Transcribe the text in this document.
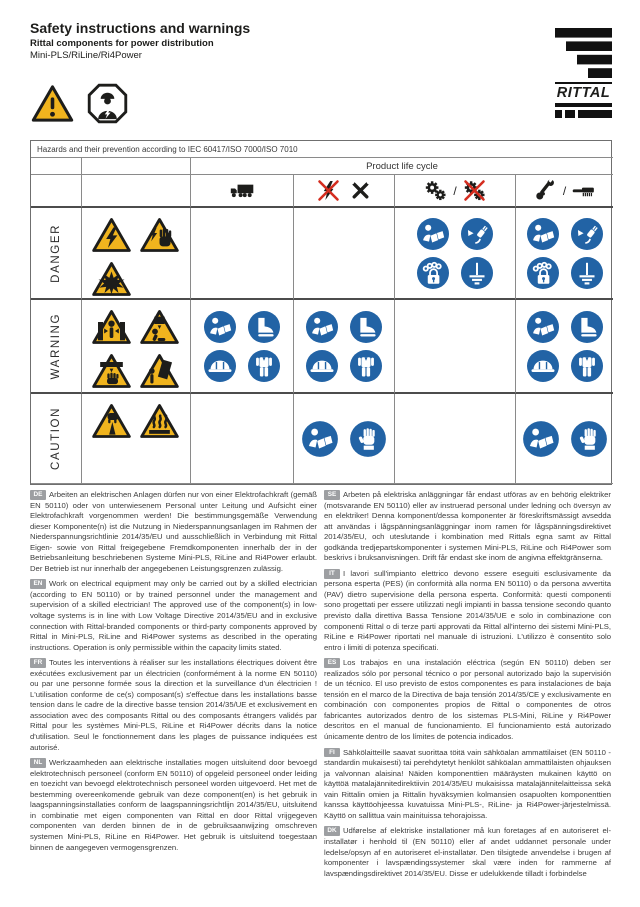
Safety instructions and warnings

Rittal components for power distribution

Mini-PLS/RiLine/Ri4Power

RITTAL
Hazards and their prevention according to IEC 60417/ISO 7000/ISO 7010
Product life cycle
/	/
DANGER
WARNING
CAUTION

DE Arbeiten an elektrischen Anlagen dürfen nur von einer Elektrofachkraft (gemäß EN 50110) oder von unterwiesenem Personal unter Leitung und Aufsicht einer Elektrofachkraft vorgenommen werden! Die bestimmungsgemäße Verwendung dieser Komponente(n) ist die Nutzung in Niederspannungsanlagen im Rahmen der Niederspannungsrichtlinie 2014/35/EU und ausschließlich in Verbindung mit Rittal Eigen- sowie von Rittal freigegebene Fremdkomponenten innerhalb der in der Betriebsanleitung beschriebenen Systeme Mini-PLS, RiLine and Ri4Power erlaubt. Der Betrieb ist nur innerhalb der angegebenen Leistungsgrenzen zulässig.

EN Work on electrical equipment may only be carried out by a skilled electrician (according to EN 50110) or by trained personnel under the management and supervision of a skilled electrician! The approved use of the component(s) in low-voltage systems is in line with Low Voltage Directive 2014/35/EU and in exclusive connection with Rittal-branded components or third-party components approved by Rittal in Mini-PLS, RiLine and Ri4Power systems as described in the operating instructions. Operation is only permissible within the capacity limits stated.

FR Toutes les interventions à réaliser sur les installations électriques doivent être exécutées exclusivement par un électricien (conformément à la norme EN 50110) ou par une personne formée sous la direction et la surveillance d'un électricien ! L'utilisation conforme de ce(s) composant(s) s'effectue dans les installations basse tension dans le cadre de la directive basse tension 2014/35/UE et exclusivement en association avec des composants Rittal ou des composants étrangers validés par Rittal pour les systèmes Mini-PLS, RiLine et Ri4Power décrits dans la notice d'utilisation. Seul le fonctionnement dans les plages de puissance indiquées est autorisé.

NL Werkzaamheden aan elektrische installaties mogen uitsluitend door bevoegd elektrotechnisch personeel (conform EN 50110) of opgeleid personeel onder leiding en toezicht van bevoegd elektrotechnisch personeel worden uitgevoerd. Het met de bestemming overeenkomende gebruik van deze component(en) is het gebruik in laagspanningsinstallaties conform de laagspanningsrichtlijn 2014/35/EU, uitsluitend in combinatie met eigen componenten van Rittal en door Rittal vrijgegeven componenten van derden binnen de in de gebruiksaanwijzing omschreven systemen Mini-PLS, RiLine en Ri4Power. Het gebruik is uitsluitend toegestaan binnen de aangegeven vermogensgrenzen.

SE Arbeten på elektriska anläggningar får endast utföras av en behörig elektriker (motsvarande EN 50110) eller av instruerad personal under ledning och översyn av en elektriker! Denna komponent/dessa komponenter är föreskriftsmässigt avsedda att användas i lågspänningsanläggningar inom ramen för lågspänningsdirektivet 2014/35/EU, och uteslutande i kombination med Rittals egna samt av Rittal godkända tredjepartskomponenter i systemen Mini-PLS, RiLine och Ri4Power som beskrivs i bruksanvisningen. Drift får endast ske inom de angivna effektgränserna.

IT I lavori sull'impianto elettrico devono essere eseguiti esclusivamente da persona esperta (PES) (in conformità alla norma EN 50110) o da persona avvertita (PAV) dietro supervisione della persona esperta. Conformità: questi componenti sono progettati per essere utilizzati negli impianti in bassa tensione secondo quanto previsto dalla direttiva Bassa Tensione 2014/35/UE e solo in combinazione con componenti Rittal o di terze parti approvati da Rittal all'interno dei sistemi Mini-PLS, RiLine e Ri4Power riportati nel manuale di istruzioni. L'utilizzo è consentito solo entro i limiti di potenza specificati.

ES Los trabajos en una instalación eléctrica (según EN 50110) deben ser realizados sólo por personal técnico o por personal autorizado bajo la supervisión de un técnico. El uso previsto de estos componentes es para instalaciones de baja tensión en el marco de la Directiva de baja tensión 2014/35/CE y exclusivamente en combinación con componentes propios de Rittal o componentes de otros fabricantes autorizados dentro de los sistemas PLS-Mini, RiLine y Ri4Power descritos en el manual de funcionamiento. El funcionamiento está autorizado únicamente dentro de los límites de potencia indicados.

FI Sähkölaitteille saavat suorittaa töitä vain sähköalan ammattilaiset (EN 50110 -standardin mukaisesti) tai perehdytetyt henkilöt sähköalan ammattilaisten ohjauksen ja valvonnan alaisina! Näiden komponenttien määräysten mukainen käyttö on käyttöä matalajännitedirektiivin 2014/35/EU mukaisissa matalajännitelaitteissa sekä vain Rittalin omien ja Rittalin hyväksymien kolmansien osapuolten komponenttien kanssa käyttöohjeessa kuvatuissa Mini-PLS-, RiLine- ja Ri4Power-järjestelmissä. Käyttö on sallittua vain mainituissa tehorajoissa.

DK Udførelse af elektriske installationer må kun foretages af en autoriseret el-installatør i henhold til (EN 50110) eller af andet uddannet personale under ledelse/opsyn af en autoriseret el-installatør. Den tilsigtede anvendelse i brugen af komponenter i lavspændingssystemer skal være inden for rammerne af lavspændingsdirektivet 2014/35/EU. Disse er udelukkende tilladt i forbindelse
